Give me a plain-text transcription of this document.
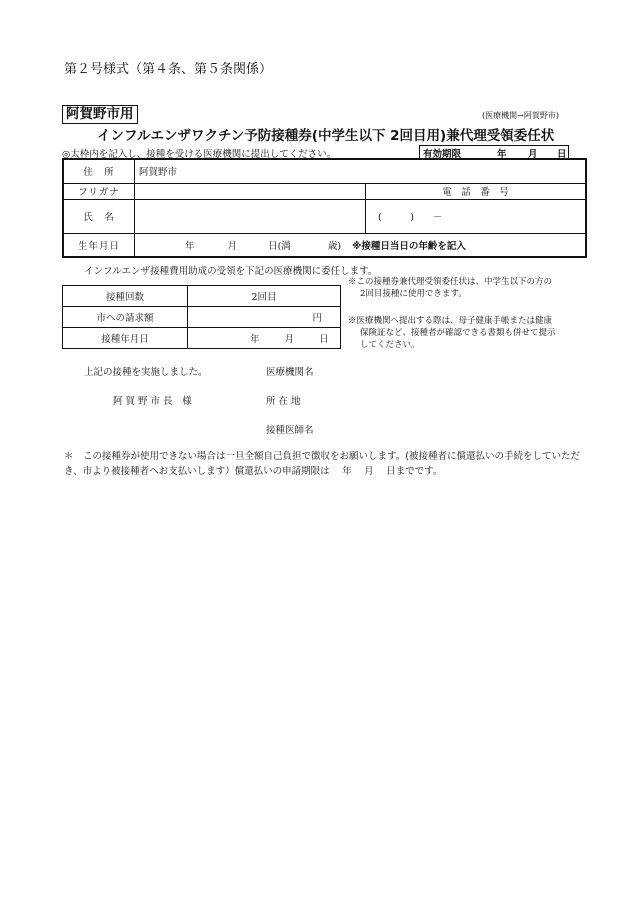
第２号様式（第４条、第５条関係）
阿賀野市用	(医療機関→阿賀野市)
インフルエンザワクチン予防接種券(中学生以下 2回目用)兼代理受領委任状
◎太枠内を記入し、接種を受ける医療機関に提出してください。	有効期限	年 月 日
住　所	阿賀野市	
フリガナ		電　話　番　号
氏　名		(　　　)　　－
生年月日	年 月 日(満 歳) ※接種日当日の年齢を記入	
インフルエンザ接種費用助成の受領を下記の医療機関に委任します。
接種回数	2回目
市への請求額	円
接種年月日	年 月 日
※この接種券兼代理受領委任状は、中学生以下の方の
2回目接種に使用できます。
※医療機関へ提出する際は、母子健康手帳または健康
保険証など、接種者が確認できる書類も併せて提示
してください。
上記の接種を実施しました。
阿 賀 野 市 長　様
医療機関名
所 在 地
接種医師名
＊　この接種券が使用できない場合は一旦全額自己負担で徴収をお願いします。(被接種者に償還払いの手続をしていただき、市より被接種者へお支払いします）償還払いの申請期限は　 年　 月　 日までです。
